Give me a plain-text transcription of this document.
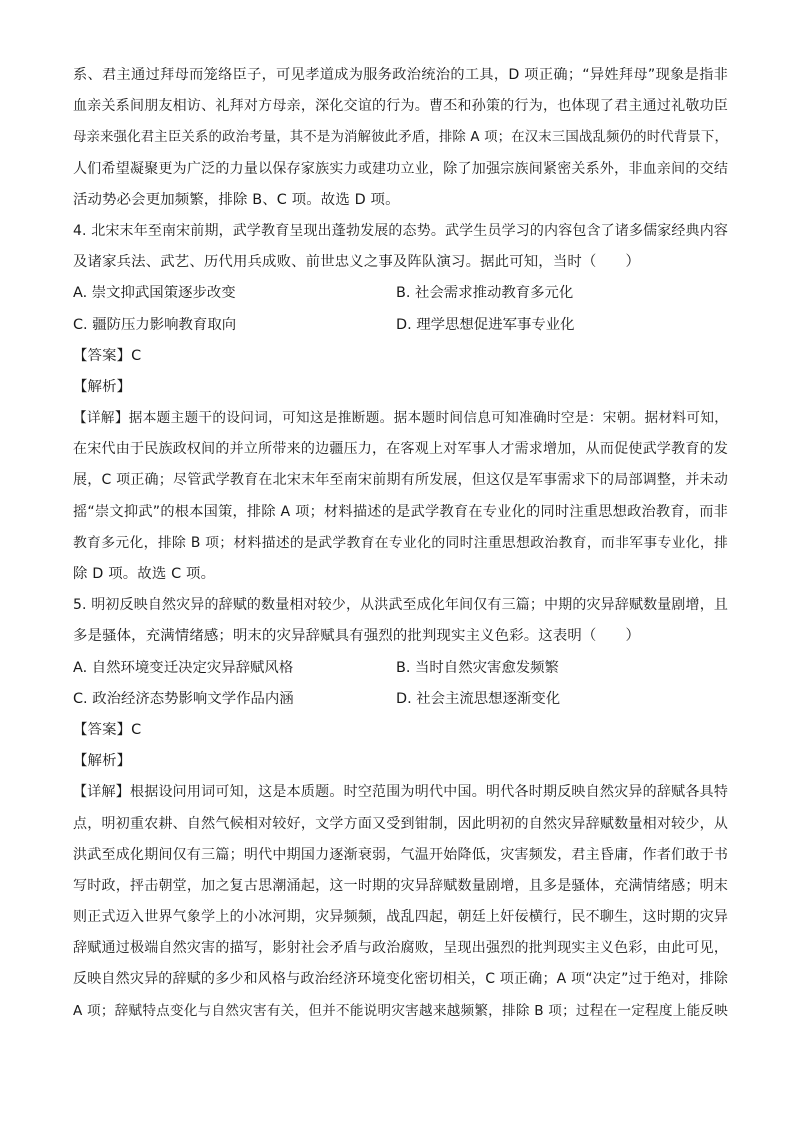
系、君主通过拜母而笼络臣子，可见孝道成为服务政治统治的工具，D 项正确；“异姓拜母”现象是指非
血亲关系间朋友相访、礼拜对方母亲，深化交谊的行为。曹丕和孙策的行为，也体现了君主通过礼敬功臣
母亲来强化君主臣关系的政治考量，其不是为消解彼此矛盾，排除 A 项；在汉末三国战乱频仍的时代背景下，
人们希望凝聚更为广泛的力量以保存家族实力或建功立业，除了加强宗族间紧密关系外，非血亲间的交结
活动势必会更加频繁，排除 B、C 项。故选 D 项。
4. 北宋末年至南宋前期，武学教育呈现出蓬勃发展的态势。武学生员学习的内容包含了诸多儒家经典内容
及诸家兵法、武艺、历代用兵成败、前世忠义之事及阵队演习。据此可知，当时（　　）
A. 崇文抑武国策逐步改变	B. 社会需求推动教育多元化
C. 疆防压力影响教育取向	D. 理学思想促进军事专业化
【答案】C
【解析】
【详解】据本题主题干的设问词，可知这是推断题。据本题时间信息可知准确时空是：宋朝。据材料可知，
在宋代由于民族政权间的并立所带来的边疆压力，在客观上对军事人才需求增加，从而促使武学教育的发
展，C 项正确；尽管武学教育在北宋末年至南宋前期有所发展，但这仅是军事需求下的局部调整，并未动
摇“崇文抑武”的根本国策，排除 A 项；材料描述的是武学教育在专业化的同时注重思想政治教育，而非
教育多元化，排除 B 项；材料描述的是武学教育在专业化的同时注重思想政治教育，而非军事专业化，排
除 D 项。故选 C 项。
5. 明初反映自然灾异的辞赋的数量相对较少，从洪武至成化年间仅有三篇；中期的灾异辞赋数量剧增，且
多是骚体，充满情绪感；明末的灾异辞赋具有强烈的批判现实主义色彩。这表明（　　）
A. 自然环境变迁决定灾异辞赋风格	B. 当时自然灾害愈发频繁
C. 政治经济态势影响文学作品内涵	D. 社会主流思想逐渐变化
【答案】C
【解析】
【详解】根据设问用词可知，这是本质题。时空范围为明代中国。明代各时期反映自然灾异的辞赋各具特
点，明初重农耕、自然气候相对较好，文学方面又受到钳制，因此明初的自然灾异辞赋数量相对较少，从
洪武至成化期间仅有三篇；明代中期国力逐渐衰弱，气温开始降低，灾害频发，君主昏庸，作者们敢于书
写时政，抨击朝堂，加之复古思潮涌起，这一时期的灾异辞赋数量剧增，且多是骚体，充满情绪感；明末
则正式迈入世界气象学上的小冰河期，灾异频频，战乱四起，朝廷上奸佞横行，民不聊生，这时期的灾异
辞赋通过极端自然灾害的描写，影射社会矛盾与政治腐败，呈现出强烈的批判现实主义色彩，由此可见，
反映自然灾异的辞赋的多少和风格与政治经济环境变化密切相关，C 项正确；A 项“决定”过于绝对，排除
A 项；辞赋特点变化与自然灾害有关，但并不能说明灾害越来越频繁，排除 B 项；过程在一定程度上能反映
